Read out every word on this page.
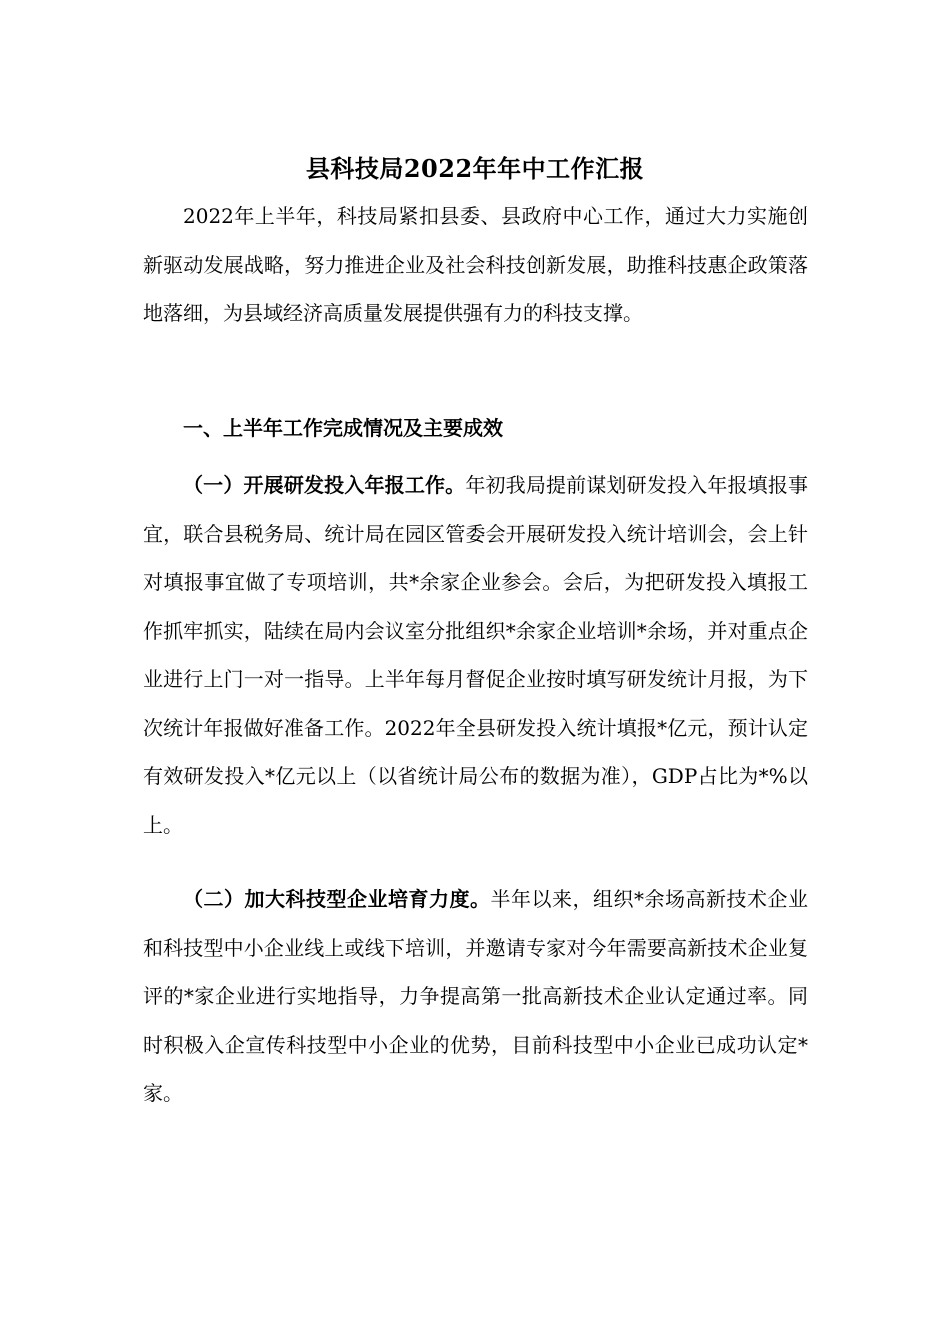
县科技局2022年年中工作汇报

2022年上半年，科技局紧扣县委、县政府中心工作，通过大力实施创新驱动发展战略，努力推进企业及社会科技创新发展，助推科技惠企政策落地落细，为县域经济高质量发展提供强有力的科技支撑。

一、上半年工作完成情况及主要成效

（一）开展研发投入年报工作。年初我局提前谋划研发投入年报填报事宜，联合县税务局、统计局在园区管委会开展研发投入统计培训会，会上针对填报事宜做了专项培训，共*余家企业参会。会后，为把研发投入填报工作抓牢抓实，陆续在局内会议室分批组织*余家企业培训*余场，并对重点企业进行上门一对一指导。上半年每月督促企业按时填写研发统计月报，为下次统计年报做好准备工作。2022年全县研发投入统计填报*亿元，预计认定有效研发投入*亿元以上（以省统计局公布的数据为准），GDP占比为*%以上。

（二）加大科技型企业培育力度。半年以来，组织*余场高新技术企业和科技型中小企业线上或线下培训，并邀请专家对今年需要高新技术企业复评的*家企业进行实地指导，力争提高第一批高新技术企业认定通过率。同时积极入企宣传科技型中小企业的优势，目前科技型中小企业已成功认定*家。
